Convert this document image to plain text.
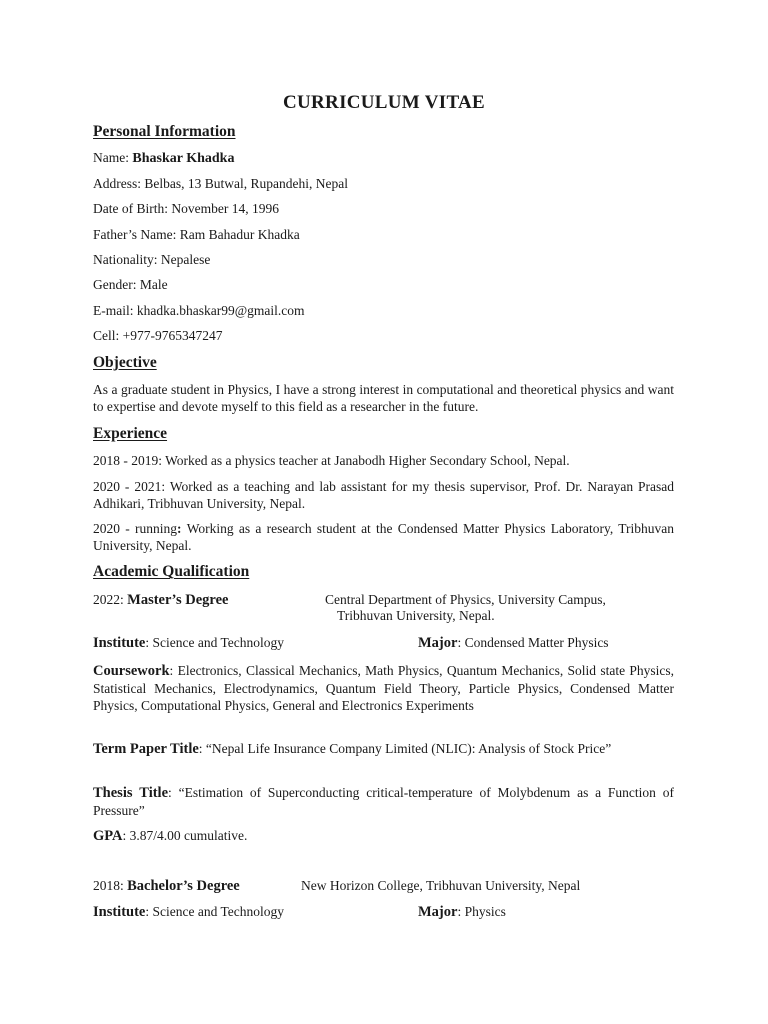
CURRICULUM VITAE
Personal Information
Name: Bhaskar Khadka
Address: Belbas, 13 Butwal, Rupandehi, Nepal
Date of Birth: November 14, 1996
Father’s Name: Ram Bahadur Khadka
Nationality: Nepalese
Gender: Male
E-mail: khadka.bhaskar99@gmail.com
Cell: +977-9765347247
Objective
As a graduate student in Physics, I have a strong interest in computational and theoretical physics and want to expertise and devote myself to this field as a researcher in the future.
Experience
2018 - 2019: Worked as a physics teacher at Janabodh Higher Secondary School, Nepal.
2020 - 2021: Worked as a teaching and lab assistant for my thesis supervisor, Prof. Dr. Narayan Prasad Adhikari, Tribhuvan University, Nepal.
2020 - running: Working as a research student at the Condensed Matter Physics Laboratory, Tribhuvan University, Nepal.
Academic Qualification
2022: Master’s Degree	Central Department of Physics, University Campus,
Tribhuvan University, Nepal.
Institute: Science and Technology	Major: Condensed Matter Physics
Coursework: Electronics, Classical Mechanics, Math Physics, Quantum Mechanics, Solid state Physics, Statistical Mechanics, Electrodynamics, Quantum Field Theory, Particle Physics, Condensed Matter Physics, Computational Physics, General and Electronics Experiments
Term Paper Title: “Nepal Life Insurance Company Limited (NLIC): Analysis of Stock Price”
Thesis Title: “Estimation of Superconducting critical-temperature of Molybdenum as a Function of Pressure”
GPA: 3.87/4.00 cumulative.
2018: Bachelor’s Degree	New Horizon College, Tribhuvan University, Nepal
Institute: Science and Technology	Major: Physics
